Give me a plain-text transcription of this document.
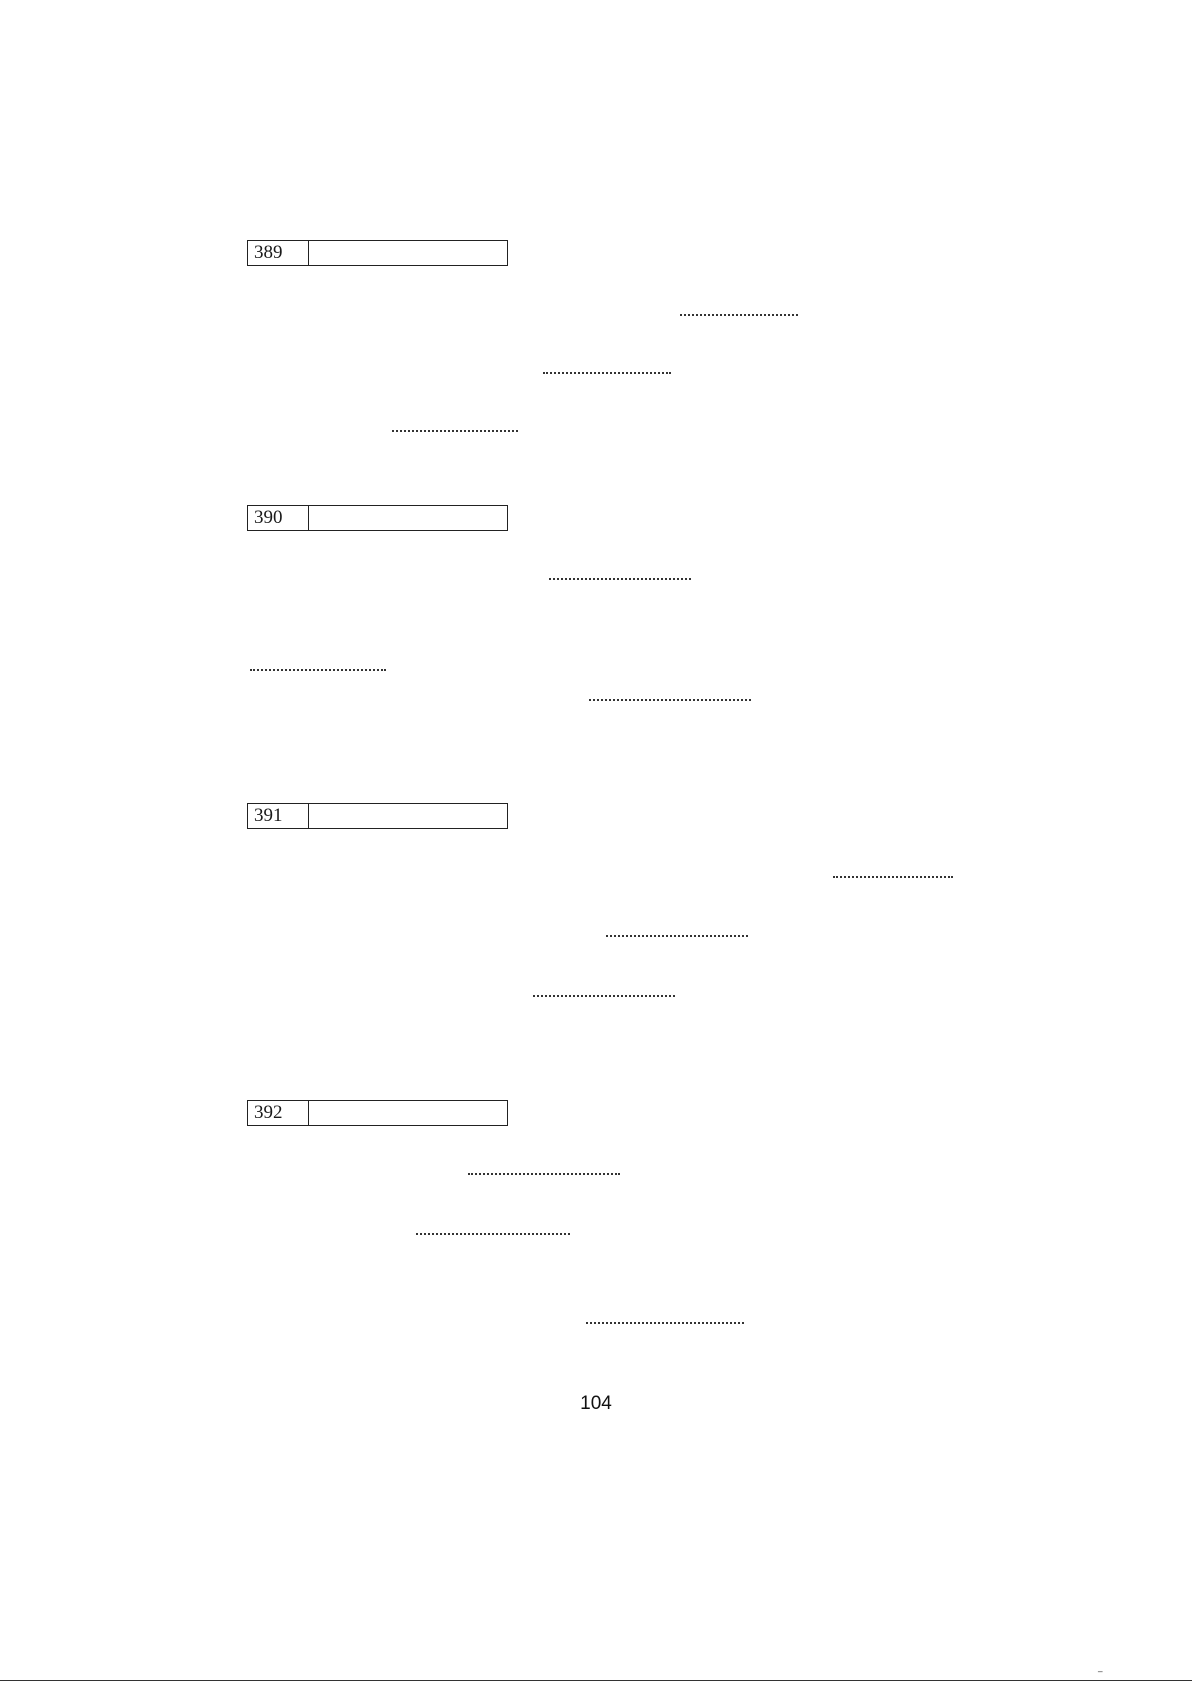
389
390
391
392
104
‾
